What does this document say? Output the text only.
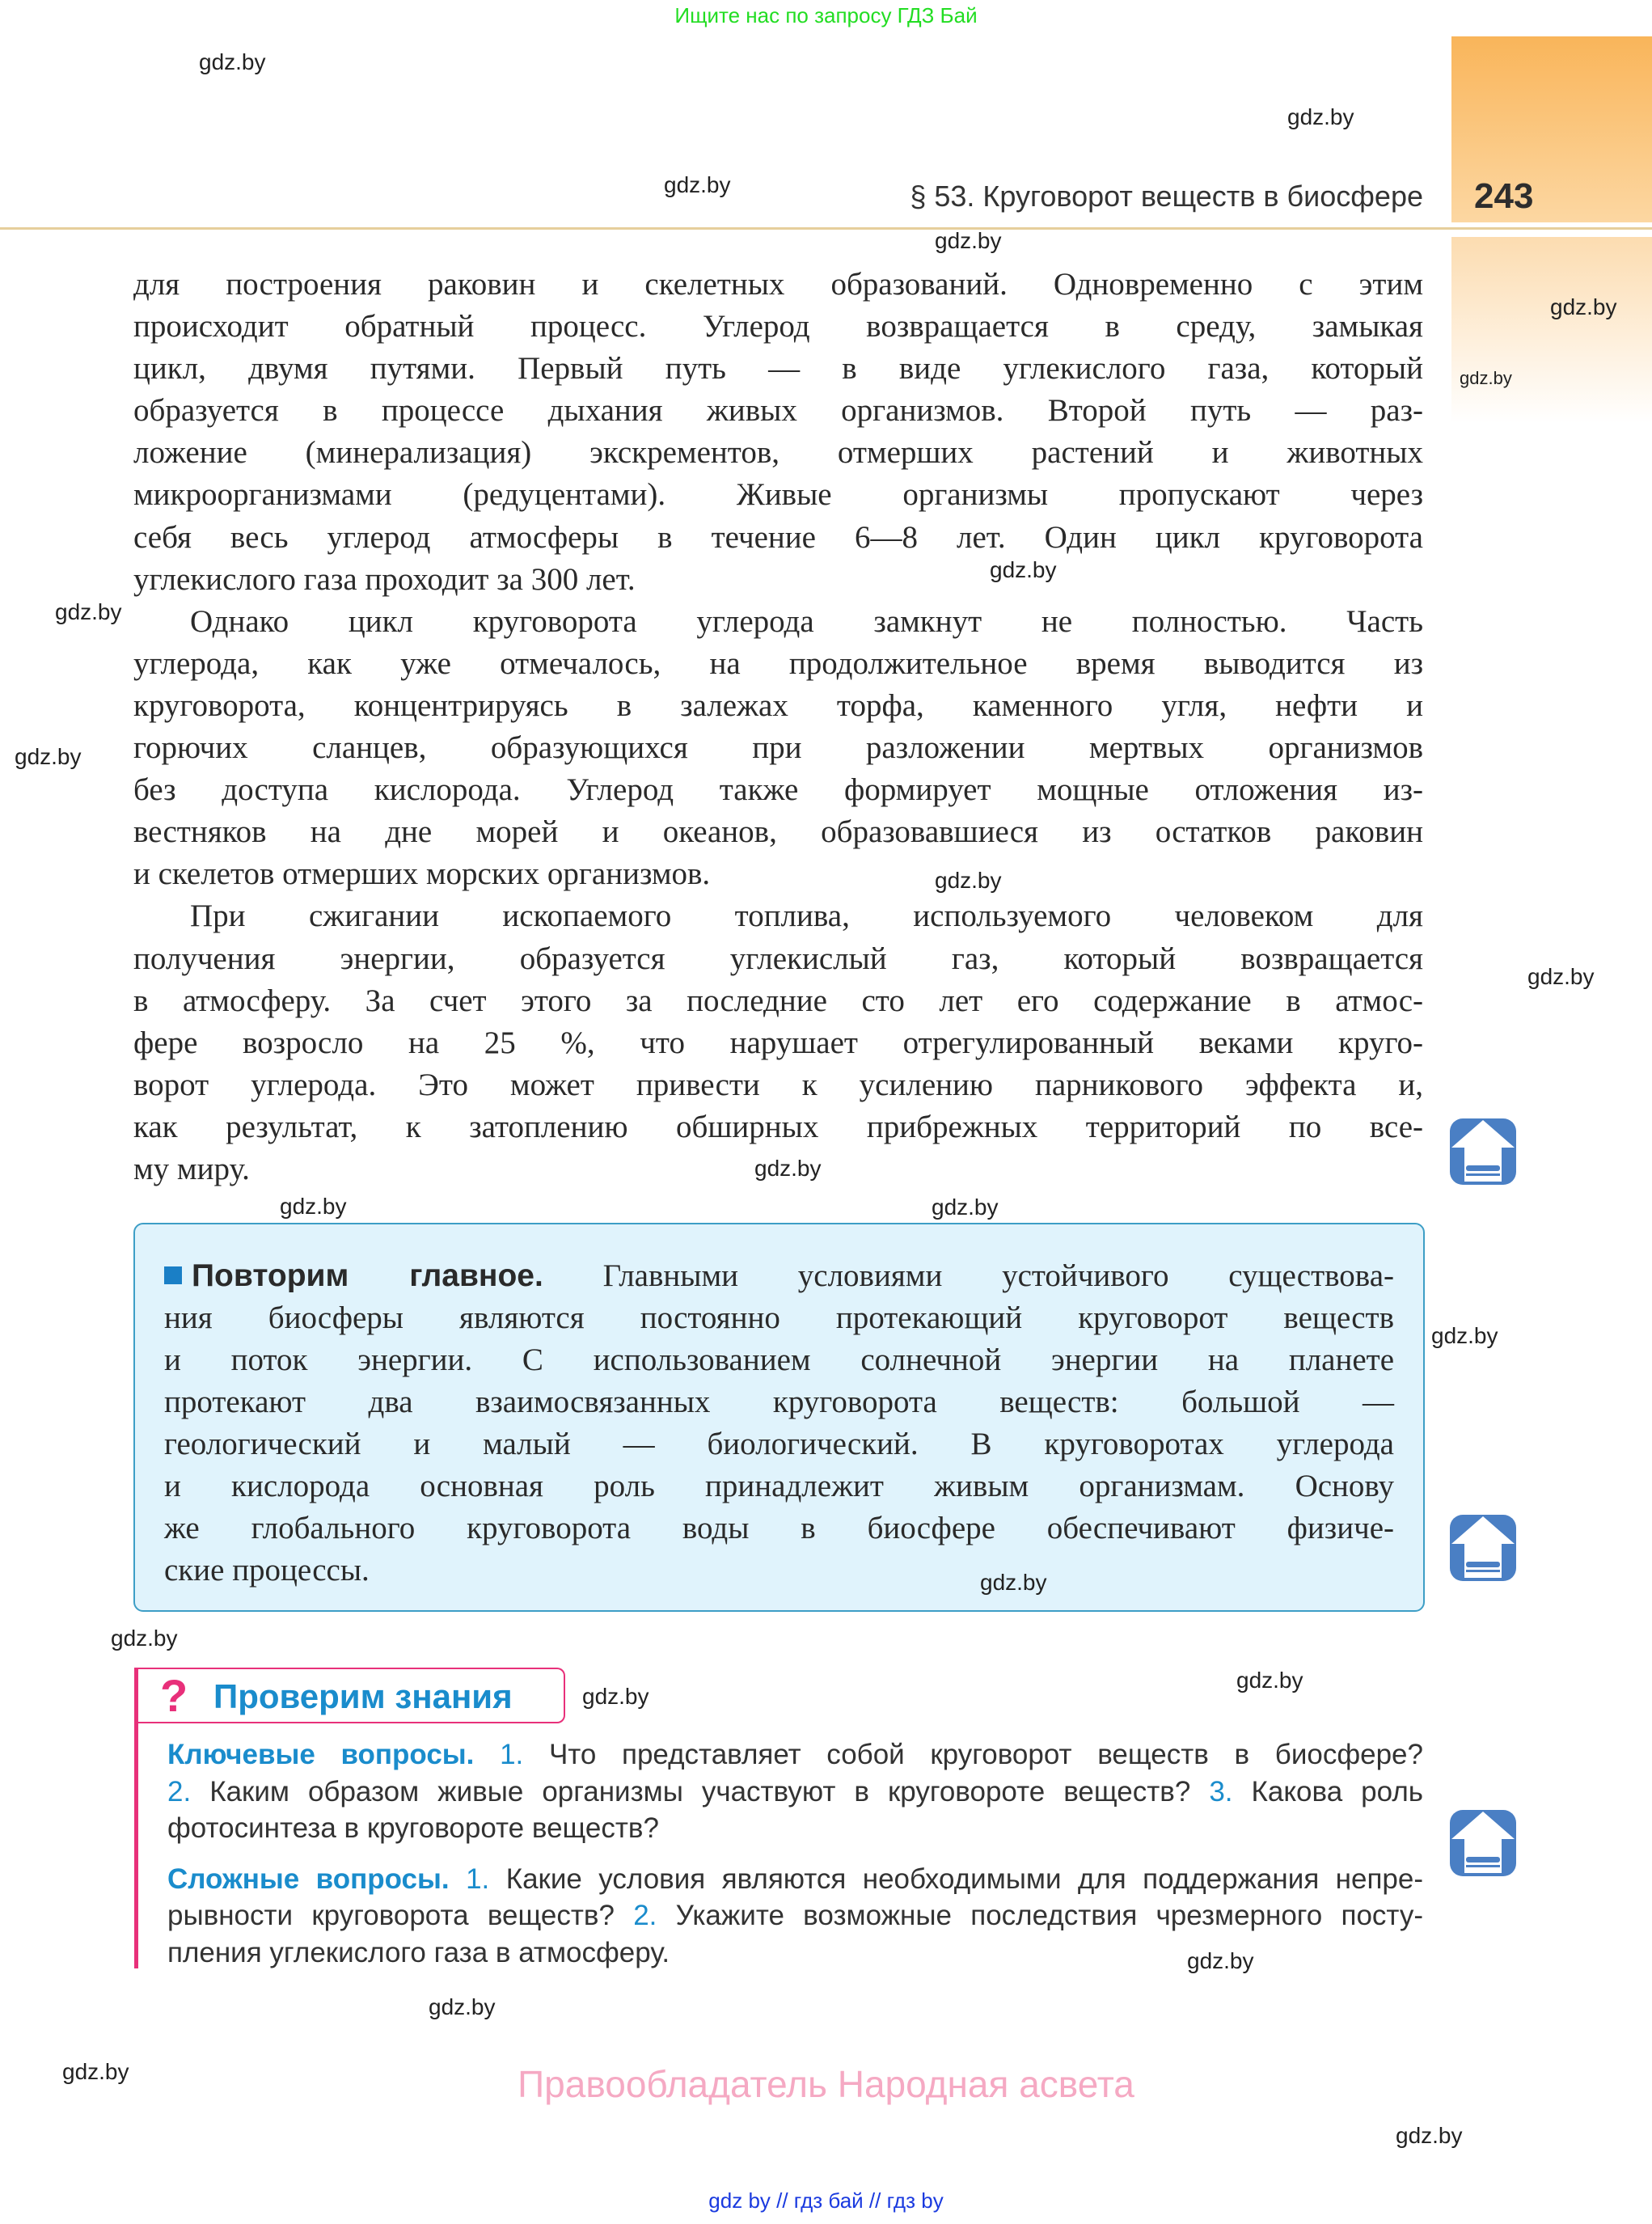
Ищите нас по запросу ГДЗ Бай
§ 53. Круговорот веществ в биосфере 243
для построения раковин и скелетных образований. Одновременно с этим
происходит обратный процесс. Углерод возвращается в среду, замыкая
цикл, двумя путями. Первый путь — в виде углекислого газа, который
образуется в процессе дыхания живых организмов. Второй путь — раз-
ложение (минерализация) экскрементов, отмерших растений и животных
микроорганизмами (редуцентами). Живые организмы пропускают через
себя весь углерод атмосферы в течение 6—8 лет. Один цикл круговорота
углекислого газа проходит за 300 лет.
Однако цикл круговорота углерода замкнут не полностью. Часть
углерода, как уже отмечалось, на продолжительное время выводится из
круговорота, концентрируясь в залежах торфа, каменного угля, нефти и
горючих сланцев, образующихся при разложении мертвых организмов
без доступа кислорода. Углерод также формирует мощные отложения из-
вестняков на дне морей и океанов, образовавшиеся из остатков раковин
и скелетов отмерших морских организмов.
При сжигании ископаемого топлива, используемого человеком для
получения энергии, образуется углекислый газ, который возвращается
в атмосферу. За счет этого за последние сто лет его содержание в атмос-
фере возросло на 25 %, что нарушает отрегулированный веками круго-
ворот углерода. Это может привести к усилению парникового эффекта и,
как результат, к затоплению обширных прибрежных территорий по все-
му миру.
Повторим главное. Главными условиями устойчивого существова-
ния биосферы являются постоянно протекающий круговорот веществ
и поток энергии. С использованием солнечной энергии на планете
протекают два взаимосвязанных круговорота веществ: большой —
геологический и малый — биологический. В круговоротах углерода
и кислорода основная роль принадлежит живым организмам. Основу
же глобального круговорота воды в биосфере обеспечивают физиче-
ские процессы.
? Проверим знания
Ключевые вопросы. 1. Что представляет собой круговорот веществ в биосфере?
2. Каким образом живые организмы участвуют в круговороте веществ? 3. Какова роль
фотосинтеза в круговороте веществ?
Сложные вопросы. 1. Какие условия являются необходимыми для поддержания непре-
рывности круговорота веществ? 2. Укажите возможные последствия чрезмерного посту-
пления углекислого газа в атмосферу.
gdz.by
gdz.by
gdz.by
gdz.by
gdz.by
gdz.by
gdz.by
gdz.by
gdz.by
gdz.by
gdz.by
gdz.by
gdz.by	gdz.by
gdz.by
gdz.by
gdz.by
gdz.by
gdz.by
gdz.by
gdz.by
gdz.by
gdz.by
Правообладатель Народная асвета
gdz by // гдз бай // гдз by
